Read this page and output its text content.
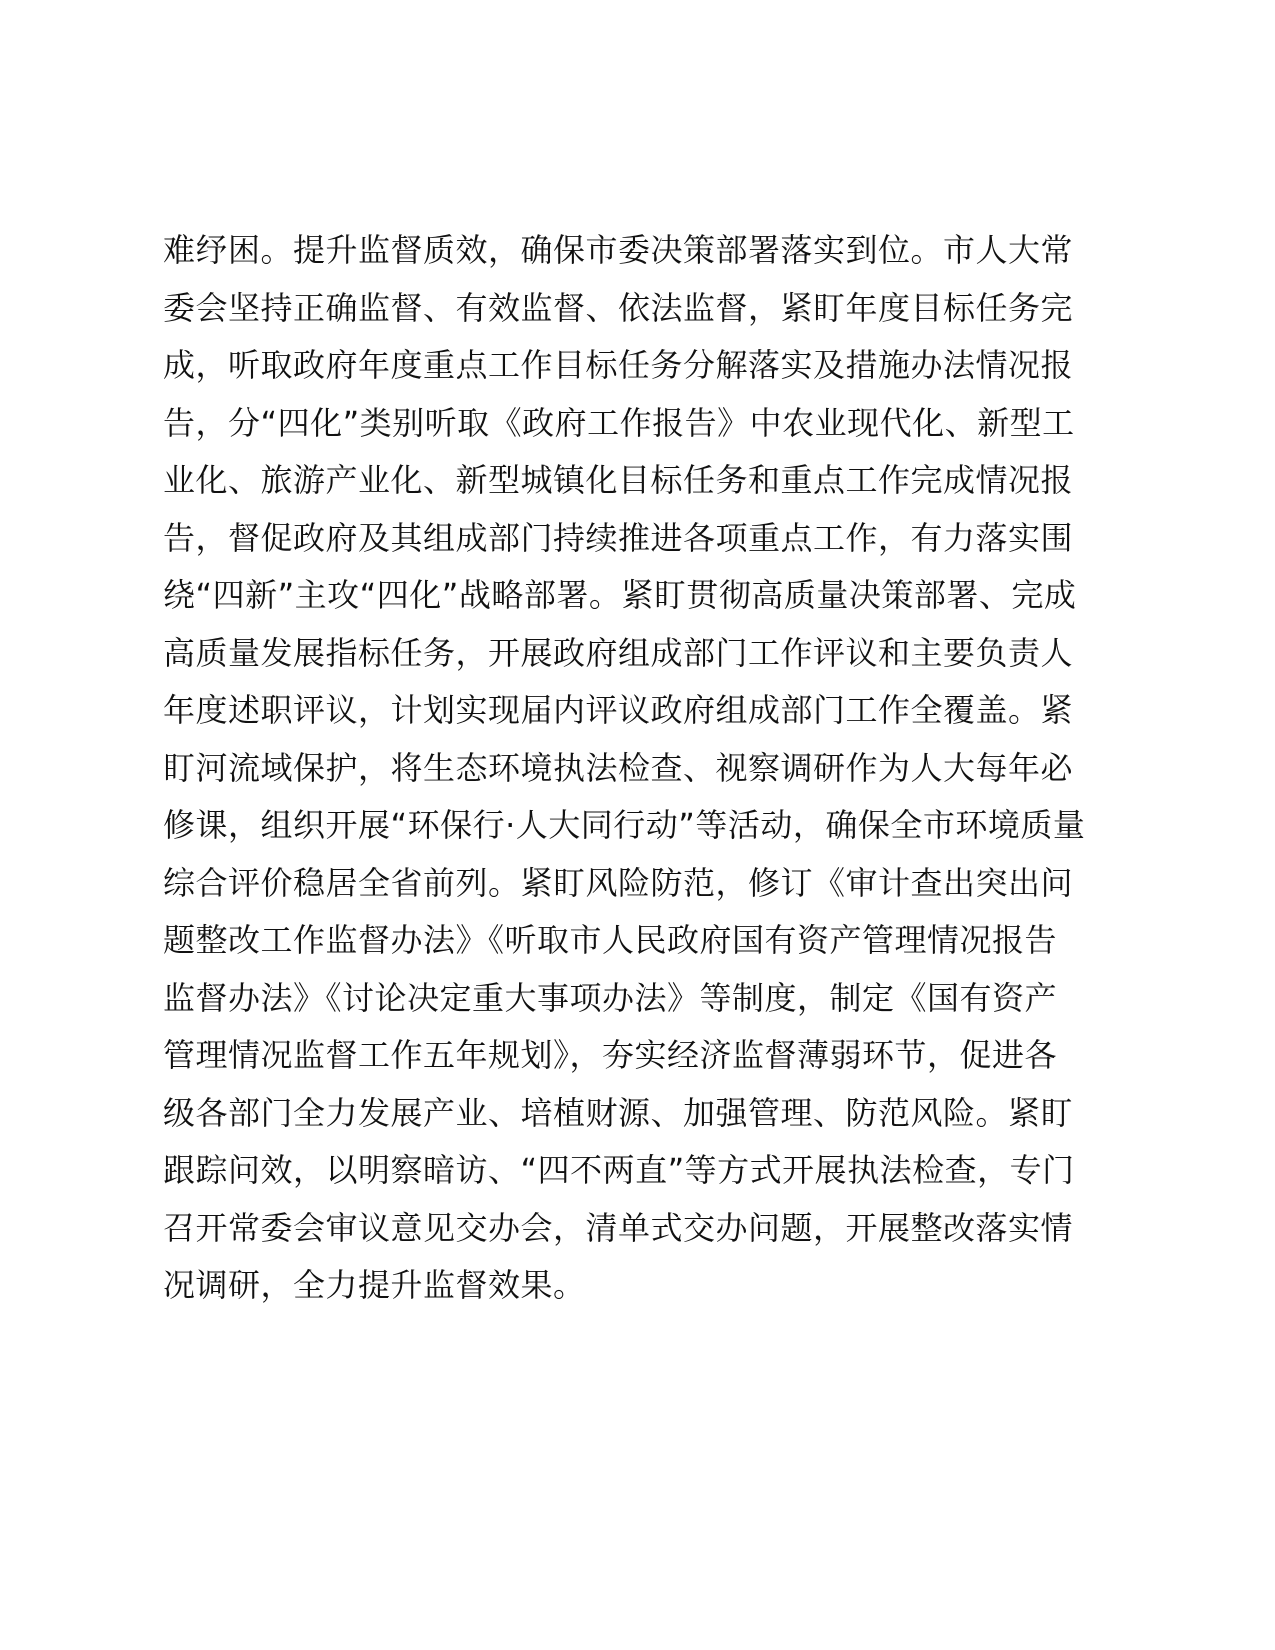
难纾困。提升监督质效，确保市委决策部署落实到位。市人大常
委会坚持正确监督、有效监督、依法监督，紧盯年度目标任务完
成，听取政府年度重点工作目标任务分解落实及措施办法情况报
告，分“四化”类别听取《政府工作报告》中农业现代化、新型工
业化、旅游产业化、新型城镇化目标任务和重点工作完成情况报
告，督促政府及其组成部门持续推进各项重点工作，有力落实围
绕“四新”主攻“四化”战略部署。紧盯贯彻高质量决策部署、完成
高质量发展指标任务，开展政府组成部门工作评议和主要负责人
年度述职评议，计划实现届内评议政府组成部门工作全覆盖。紧
盯河流域保护，将生态环境执法检查、视察调研作为人大每年必
修课，组织开展“环保行·人大同行动”等活动，确保全市环境质量
综合评价稳居全省前列。紧盯风险防范，修订《审计查出突出问
题整改工作监督办法》《听取市人民政府国有资产管理情况报告
监督办法》《讨论决定重大事项办法》等制度，制定《国有资产
管理情况监督工作五年规划》，夯实经济监督薄弱环节，促进各
级各部门全力发展产业、培植财源、加强管理、防范风险。紧盯
跟踪问效，以明察暗访、“四不两直”等方式开展执法检查，专门
召开常委会审议意见交办会，清单式交办问题，开展整改落实情
况调研，全力提升监督效果。
